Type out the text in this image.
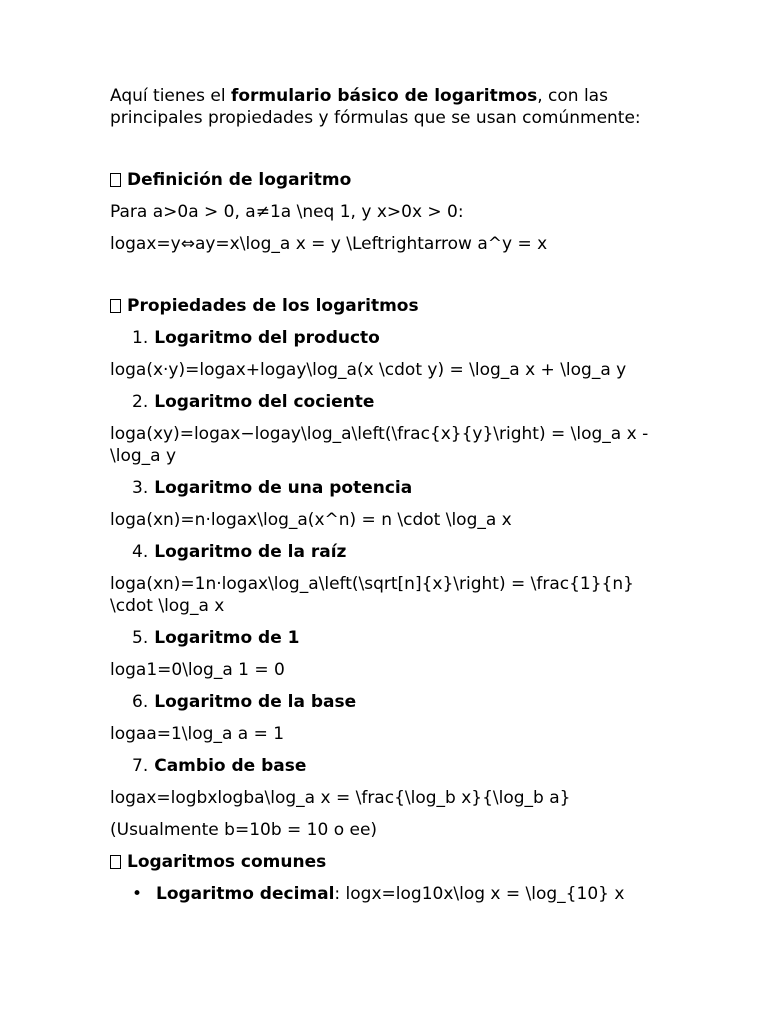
Aquí tienes el formulario básico de logaritmos, con las principales propiedades y fórmulas que se usan comúnmente:

Definición de logaritmo

Para a>0a > 0, a≠1a \neq 1, y x>0x > 0:

logax=y⇔ay=x\log_a x = y \Leftrightarrow a^y = x

Propiedades de los logaritmos

1. Logaritmo del producto

loga(x·y)=logax+logay\log_a(x \cdot y) = \log_a x + \log_a y

2. Logaritmo del cociente

loga(xy)=logax−logay\log_a\left(\frac{x}{y}\right) = \log_a x - \log_a y

3. Logaritmo de una potencia

loga(xn)=n·logax\log_a(x^n) = n \cdot \log_a x

4. Logaritmo de la raíz

loga(xn)=1n·logax\log_a\left(\sqrt[n]{x}\right) = \frac{1}{n} \cdot \log_a x

5. Logaritmo de 1

loga1=0\log_a 1 = 0

6. Logaritmo de la base

logaa=1\log_a a = 1

7. Cambio de base

logax=logbxlogba\log_a x = \frac{\log_b x}{\log_b a}

(Usualmente b=10b = 10 o ee)

Logaritmos comunes

• Logaritmo decimal: logx=log10x\log x = \log_{10} x
